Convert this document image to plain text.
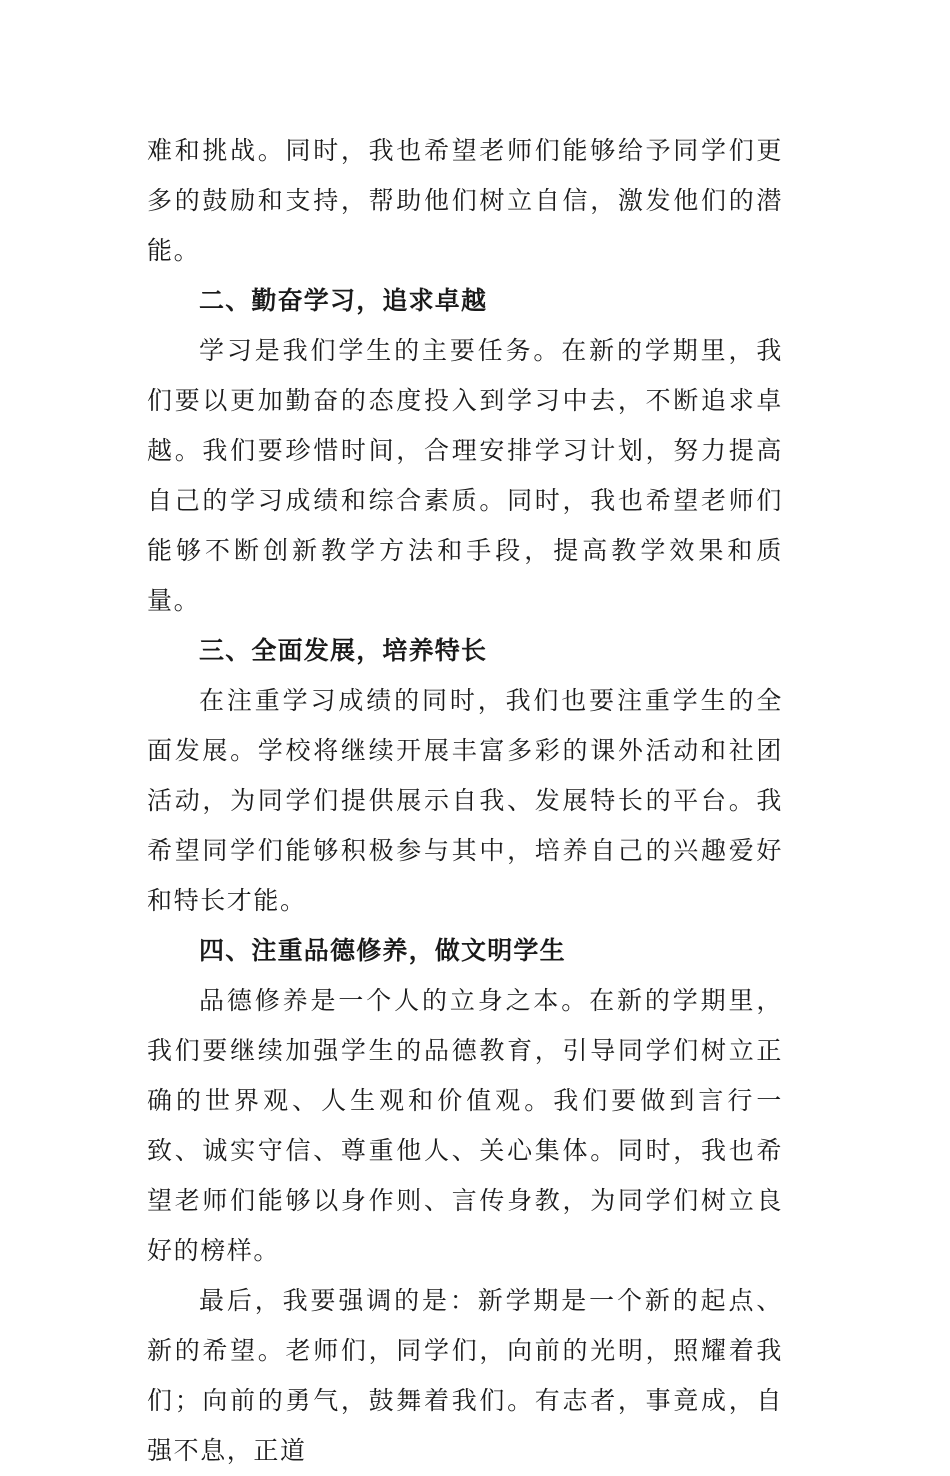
难和挑战。同时，我也希望老师们能够给予同学们更多的鼓励和支持，帮助他们树立自信，激发他们的潜能。

二、勤奋学习，追求卓越

学习是我们学生的主要任务。在新的学期里，我们要以更加勤奋的态度投入到学习中去，不断追求卓越。我们要珍惜时间，合理安排学习计划，努力提高自己的学习成绩和综合素质。同时，我也希望老师们能够不断创新教学方法和手段，提高教学效果和质量。

三、全面发展，培养特长

在注重学习成绩的同时，我们也要注重学生的全面发展。学校将继续开展丰富多彩的课外活动和社团活动，为同学们提供展示自我、发展特长的平台。我希望同学们能够积极参与其中，培养自己的兴趣爱好和特长才能。

四、注重品德修养，做文明学生

品德修养是一个人的立身之本。在新的学期里，我们要继续加强学生的品德教育，引导同学们树立正确的世界观、人生观和价值观。我们要做到言行一致、诚实守信、尊重他人、关心集体。同时，我也希望老师们能够以身作则、言传身教，为同学们树立良好的榜样。

最后，我要强调的是：新学期是一个新的起点、新的希望。老师们，同学们，向前的光明，照耀着我们；向前的勇气，鼓舞着我们。有志者，事竟成，自强不息，正道
